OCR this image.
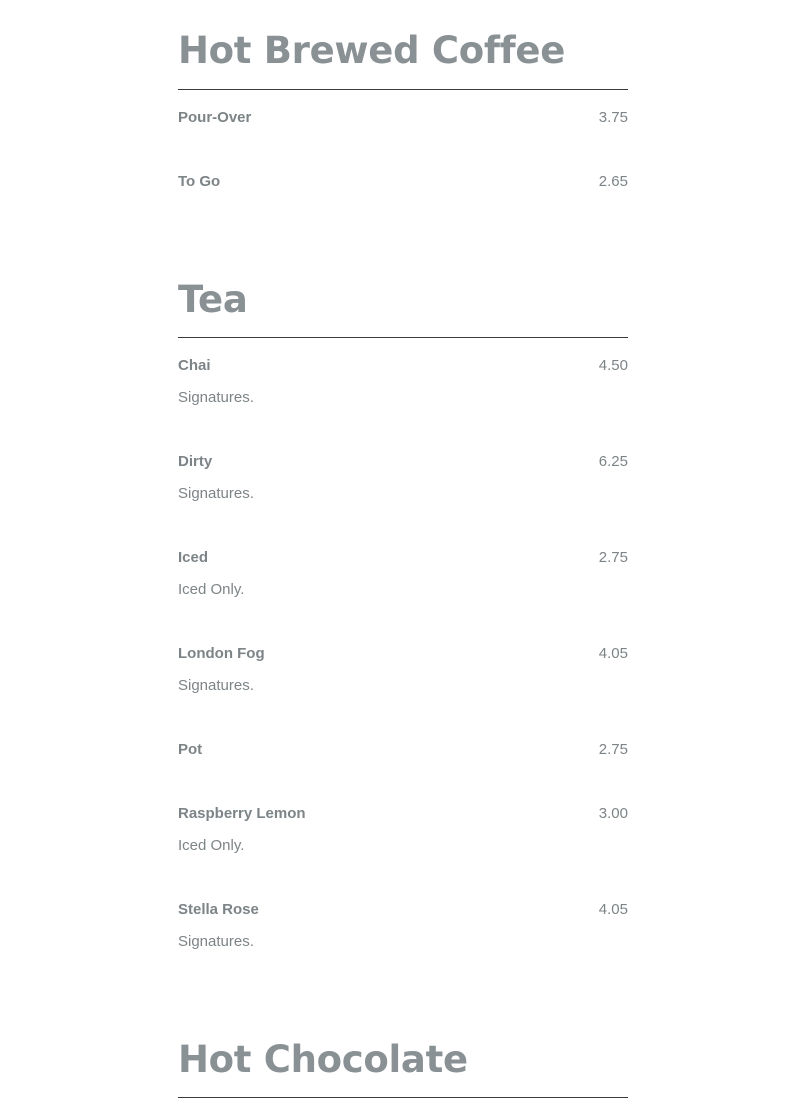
Hot Brewed Coffee
Pour-Over	3.75
To Go	2.65
Tea
Chai	4.50
Signatures.
Dirty	6.25
Signatures.
Iced	2.75
Iced Only.
London Fog	4.05
Signatures.
Pot	2.75
Raspberry Lemon	3.00
Iced Only.
Stella Rose	4.05
Signatures.
Hot Chocolate
